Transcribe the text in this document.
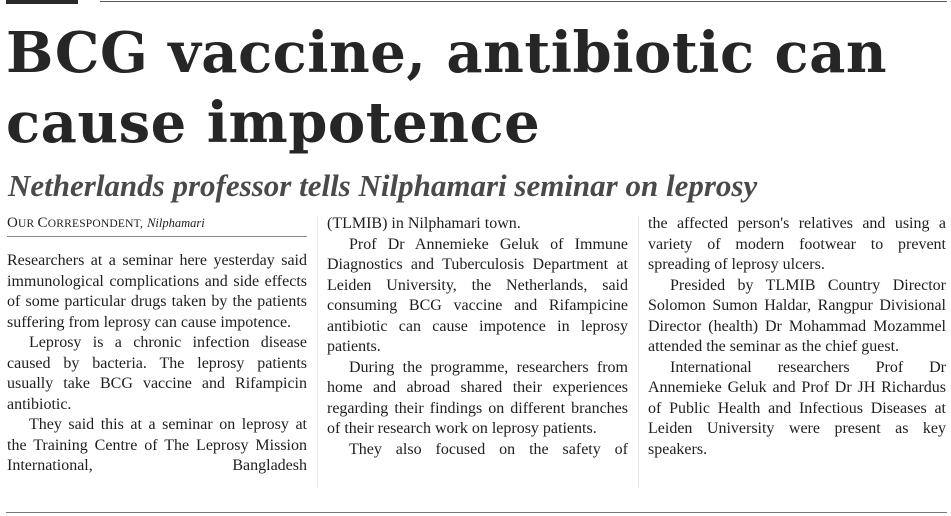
BCG vaccine, antibiotic can cause impotence
Netherlands professor tells Nilphamari seminar on leprosy
OUR CORRESPONDENT, Nilphamari

Researchers at a seminar here yesterday said immunological complications and side effects of some particular drugs taken by the patients suffering from leprosy can cause impotence.

Leprosy is a chronic infection disease caused by bacteria. The leprosy patients usually take BCG vaccine and Rifampicin antibiotic.

They said this at a seminar on leprosy at the Training Centre of The Leprosy Mission International, Bangladesh

(TLMIB) in Nilphamari town.

Prof Dr Annemieke Geluk of Immune Diagnostics and Tuberculosis Department at Leiden University, the Netherlands, said consuming BCG vaccine and Rifampicine antibiotic can cause impotence in leprosy patients.

During the programme, researchers from home and abroad shared their experiences regarding their findings on different branches of their research work on leprosy patients.

They also focused on the safety of

the affected person's relatives and using a variety of modern footwear to prevent spreading of leprosy ulcers.

Presided by TLMIB Country Director Solomon Sumon Haldar, Rangpur Divisional Director (health) Dr Mohammad Mozammel attended the seminar as the chief guest.

International researchers Prof Dr Annemieke Geluk and Prof Dr JH Richardus of Public Health and Infectious Diseases at Leiden University were present as key speakers.
